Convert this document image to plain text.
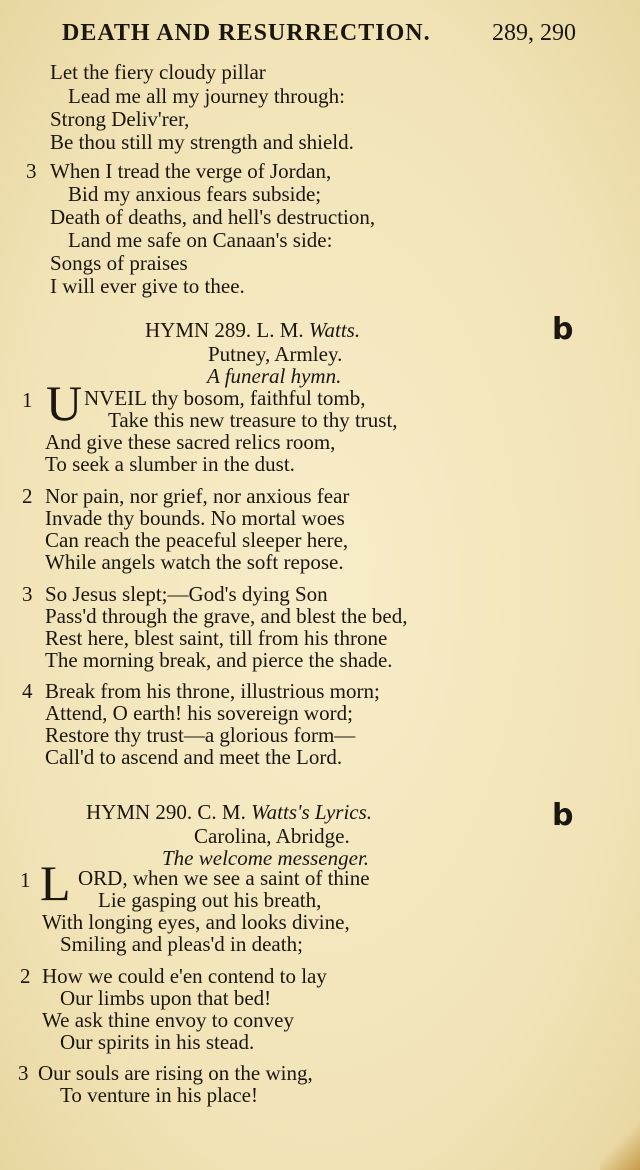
DEATH AND RESURRECTION.	289, 290
Let the fiery cloudy pillar
Lead me all my journey through:
Strong Deliv'rer,
Be thou still my strength and shield.
3 When I tread the verge of Jordan,
Bid my anxious fears subside;
Death of deaths, and hell's destruction,
Land me safe on Canaan's side:
Songs of praises
I will ever give to thee.
HYMN 289. L. M. Watts.	b
Putney, Armley.
A funeral hymn.
1 U NVEIL thy bosom, faithful tomb,
Take this new treasure to thy trust,
And give these sacred relics room,
To seek a slumber in the dust.
2 Nor pain, nor grief, nor anxious fear
Invade thy bounds. No mortal woes
Can reach the peaceful sleeper here,
While angels watch the soft repose.
3 So Jesus slept;—God's dying Son
Pass'd through the grave, and blest the bed,
Rest here, blest saint, till from his throne
The morning break, and pierce the shade.
4 Break from his throne, illustrious morn;
Attend, O earth! his sovereign word;
Restore thy trust—a glorious form—
Call'd to ascend and meet the Lord.
HYMN 290. C. M. Watts's Lyrics.	b
Carolina, Abridge.
The welcome messenger.
1 L ORD, when we see a saint of thine
Lie gasping out his breath,
With longing eyes, and looks divine,
Smiling and pleas'd in death;
2 How we could e'en contend to lay
Our limbs upon that bed!
We ask thine envoy to convey
Our spirits in his stead.
3 Our souls are rising on the wing,
To venture in his place!
